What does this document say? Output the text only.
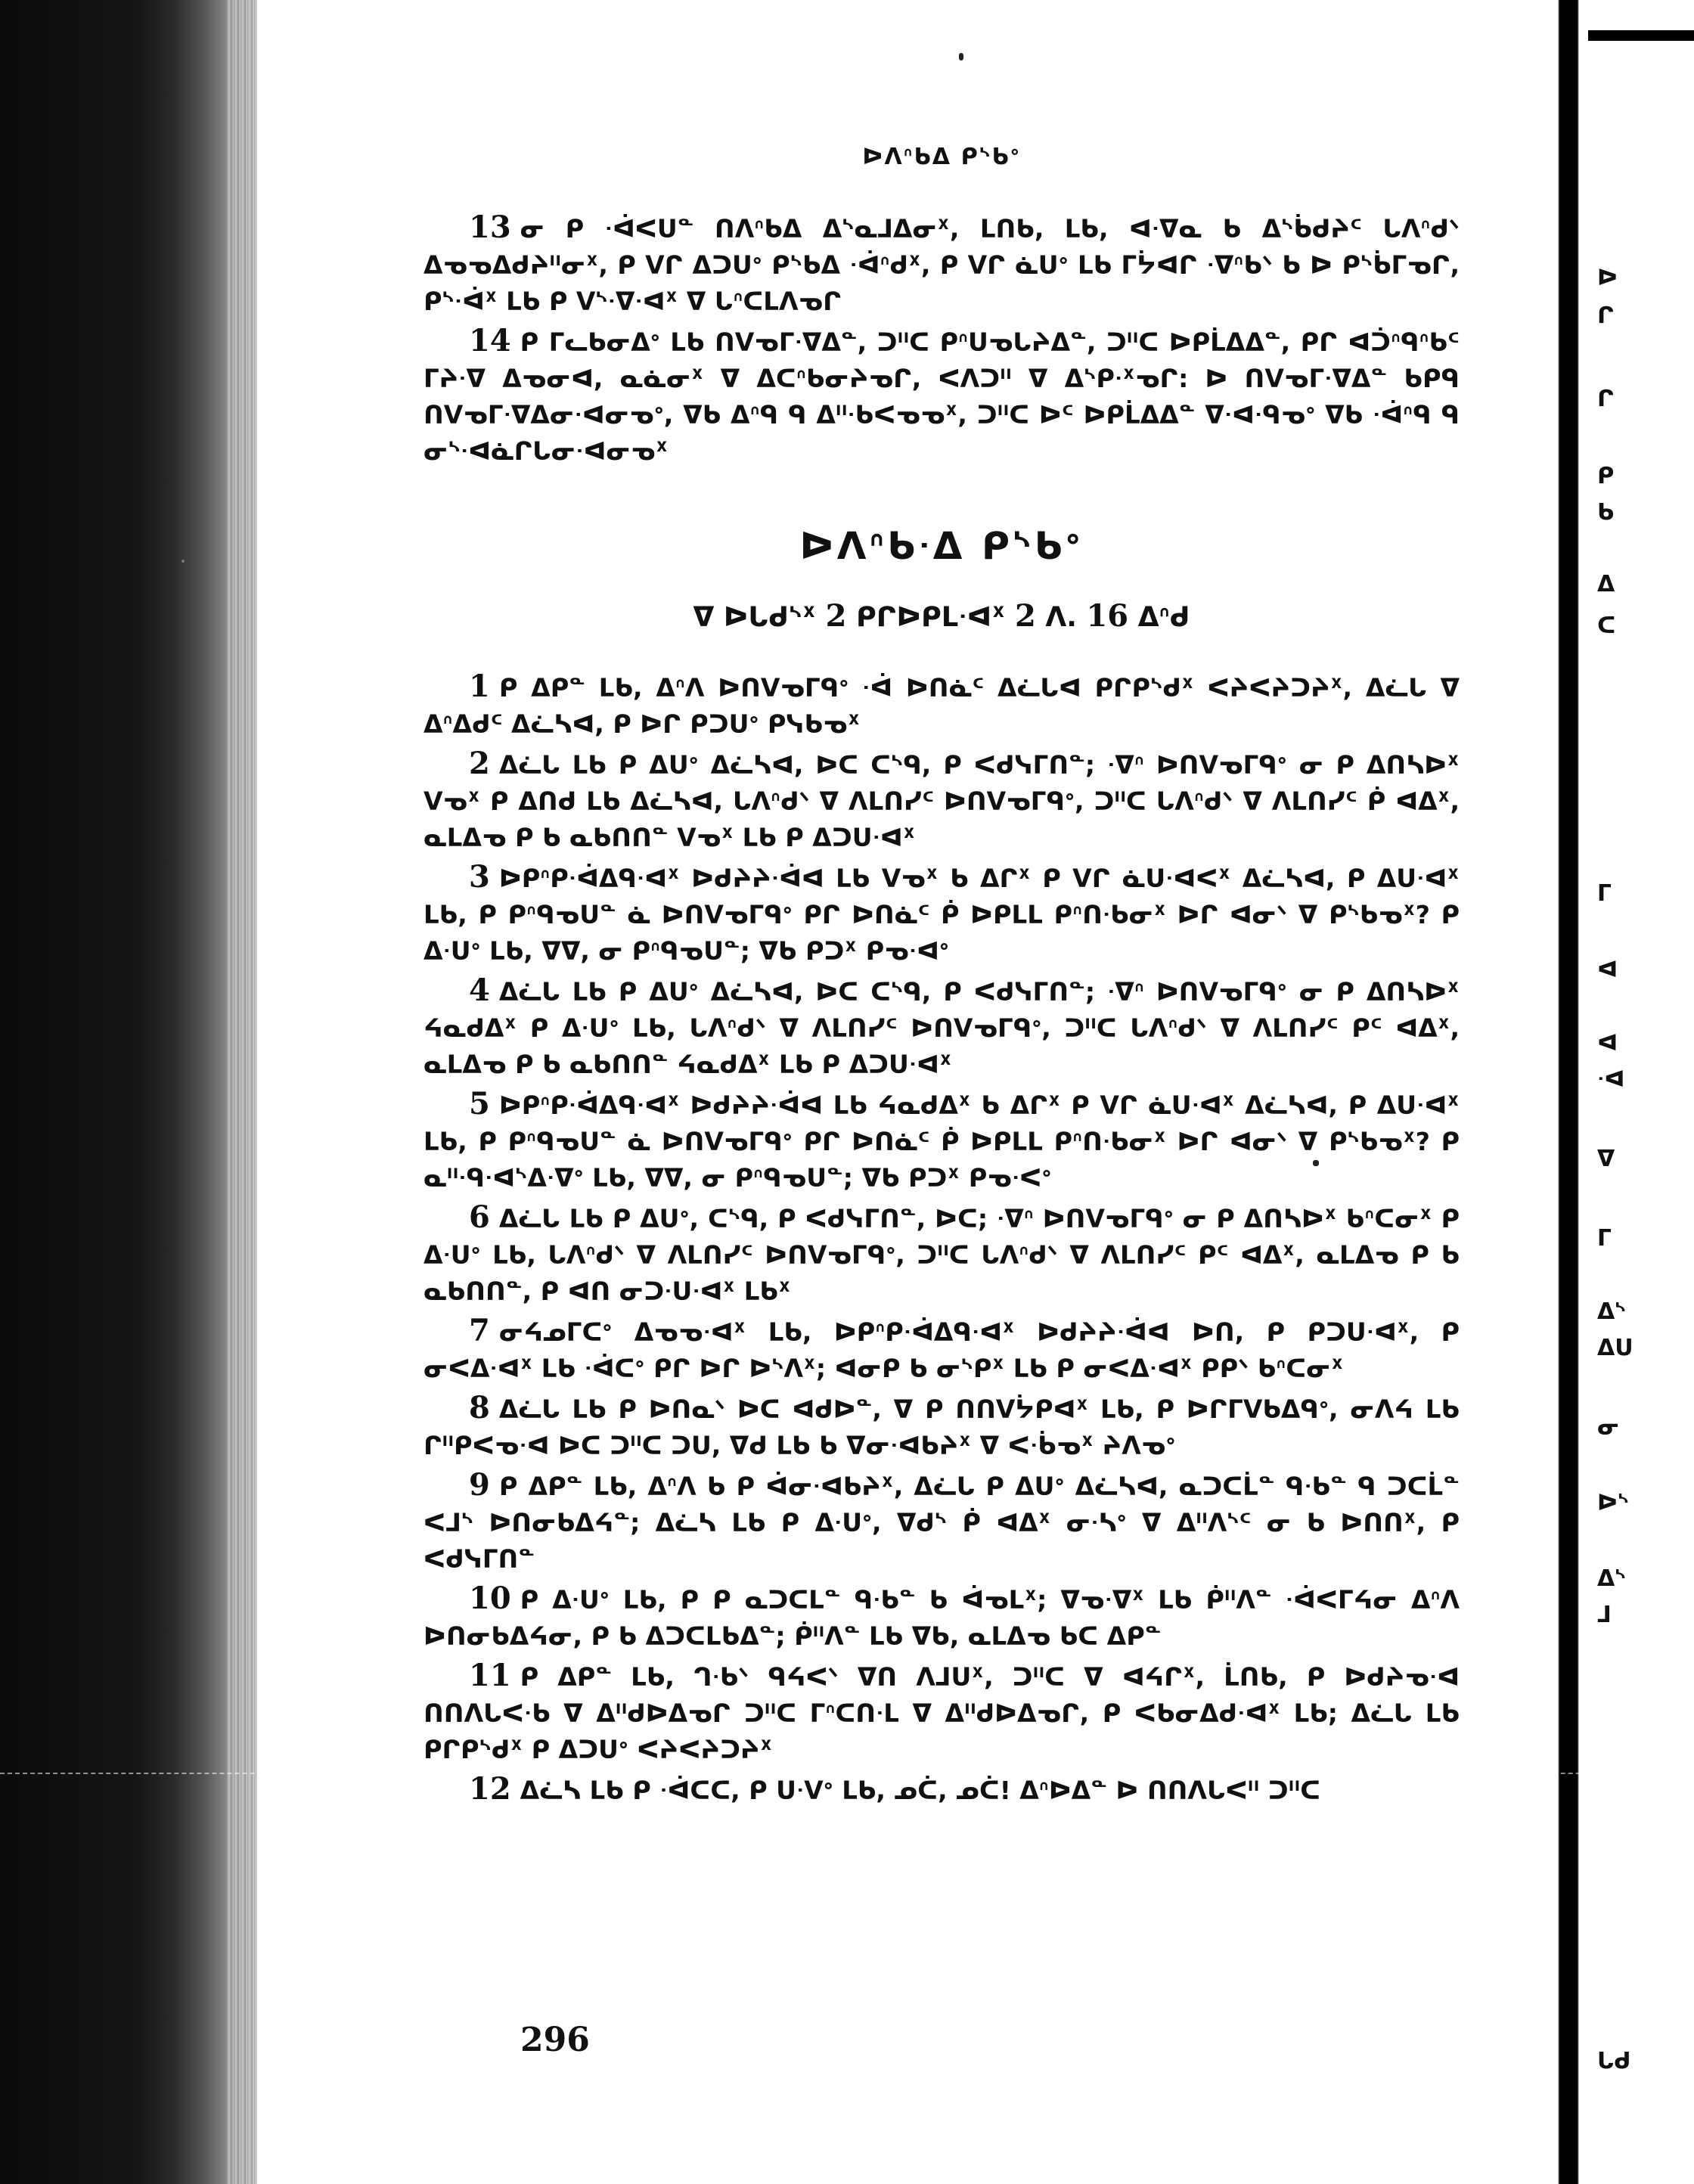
ᐅ
ᒋ
ᒋ
ᑭ
ᑲ
ᐃ
ᑕ
ᒥ
ᐊ
ᐊ
ᐧᐊ
ᐁ
ᒥ
ᐃᔅ
ᐃᑌ
ᓂ
ᐅᔅ
ᐃᔅ
ᒧ
ᒐᑯ
ᐅᐱᐢᑲᐃ ᑭᔅᑲᐤ

13 ᓂ ᑭ ᐧᐋᐸᑌᓐ ᑎᐱᐢᑲᐃ ᐃᔅᓇᒧᐃᓂᕽ, ᒪᑎᑲ, ᒪᑲ, ᐊᐧᐁᓇ ᑲ ᐃᔅᑳᑯᔨᑦ ᒐᐱᐢᑯᐠ ᐃᓀᓀᐃᑯᔨᐦᓂᕽ, ᑭ ᐯᒋ ᐃᑐᑌᐤ ᑭᔅᑲᐃ ᐧᐋᐢᑯᕽ, ᑭ ᐯᒋ ᓈᑌᐤ ᒪᑲ ᒥᔮᐊᒋ ᐧᐁᐢᑲᐠ ᑲ ᐅ ᑭᔅᑳᒥᓀᒋ, ᑭᔅᐧᐋᕽ ᒪᑲ ᑭ ᐯᔅᐧᐁᐧᐊᕽ ᐁ ᒐᐢᑕᒪᐱᓀᒋ

14 ᑭ ᒥᓚᑲᓂᐃᐤ ᒪᑲ ᑎᐯᓀᒥᐧᐁᐃᓐ, ᑐᐦᑕ ᑭᐢᑌᓀᒐᔨᐃᓐ, ᑐᐦᑕ ᐅᑭᒫᐃᐃᓐ, ᑭᒋ ᐊᑑᐢᑫᐢᑲᑦ ᒥᔨᐧᐁ ᐃᓀᓂᐊ, ᓇᓈᓂᕽ ᐁ ᐃᑕᐢᑲᓂᔨᓀᒋ, ᐸᐱᑐᐦ ᐁ ᐃᔅᑭᐧᕽᓀᒋ: ᐅ ᑎᐯᓀᒥᐧᐁᐃᓐ ᑲᑭᑫ ᑎᐯᓀᒥᐧᐁᐃᓂᐧᐊᓂᓀᐤ, ᐁᑲ ᐃᐢᑫ ᑫ ᐃᐦᐧᑲᐸᓀᓀᕽ, ᑐᐦᑕ ᐅᑦ ᐅᑭᒫᐃᐃᓐ ᐁᐧᐊᐧᑫᓀᐤ ᐁᑲ ᐧᐋᐢᑫ ᑫ ᓂᔅᐧᐊᓈᒋᒐᓂᐧᐊᓂᓀᕽ

ᐅᐱᐢᑲᐧᐃ ᑭᔅᑲᐤ
ᐁ ᐅᒐᑯᔅᕽ 2 ᑭᒋᐅᑭᒪᐧᐊᕽ 2 ᐱ. 16 ᐃᐢᑯ

1 ᑭ ᐃᑭᓐ ᒪᑲ, ᐃᐢᐱ ᐅᑎᐯᓀᒥᑫᐤ ᐧᐋ ᐅᑎᓈᑦ ᐃᓛᒐᐊ ᑭᒋᑭᔅᑯᕽ ᐸᔨᐸᔨᑐᔨᕽ, ᐃᓛᒐ ᐁ ᐃᐢᐃᑯᑦ ᐃᓛᓴᐊ, ᑭ ᐅᒋ ᑭᑐᑌᐤ ᑭᓭᑲᓀᕽ

2 ᐃᓛᒐ ᒪᑲ ᑭ ᐃᑌᐤ ᐃᓛᓴᐊ, ᐅᑕ ᑕᔅᑫ, ᑭ ᐸᑯᓭᒥᑎᓐ; ᐧᐁᐢ ᐅᑎᐯᓀᒥᑫᐤ ᓂ ᑭ ᐃᑎᓴᐅᕽ ᐯᓀᕽ ᑭ ᐃᑎᑯ ᒪᑲ ᐃᓛᓴᐊ, ᒐᐱᐢᑯᐠ ᐁ ᐱᒪᑎᓯᑦ ᐅᑎᐯᓀᒥᑫᐤ, ᑐᐦᑕ ᒐᐱᐢᑯᐠ ᐁ ᐱᒪᑎᓯᑦ ᑮ ᐊᐃᕽ, ᓇᒪᐃᓀ ᑭ ᑲ ᓇᑲᑎᑎᓐ ᐯᓀᕽ ᒪᑲ ᑭ ᐃᑐᑌᐧᐊᕽ

3 ᐅᑭᐢᑭᐧᐋᐃᑫᐧᐊᕽ ᐅᑯᔨᔨᐧᐋᐊ ᒪᑲ ᐯᓀᕽ ᑲ ᐃᒋᕽ ᑭ ᐯᒋ ᓈᑌᐧᐊᐸᕽ ᐃᓛᓴᐊ, ᑭ ᐃᑌᐧᐊᕽ ᒪᑲ, ᑭ ᑭᐢᑫᓀᑌᓐ ᓈ ᐅᑎᐯᓀᒥᑫᐤ ᑭᒋ ᐅᑎᓈᑦ ᑮ ᐅᑭᒪᒪ ᑭᐢᑎᐧᑲᓂᕽ ᐅᒋ ᐊᓂᐠ ᐁ ᑭᔅᑲᓀᕽ? ᑭ ᐃᐧᑌᐤ ᒪᑲ, ᐁᐁ, ᓂ ᑭᐢᑫᓀᑌᓐ; ᐁᑲ ᑭᑐᕽ ᑭᓀᐧᐊᐤ

4 ᐃᓛᒐ ᒪᑲ ᑭ ᐃᑌᐤ ᐃᓛᓴᐊ, ᐅᑕ ᑕᔅᑫ, ᑭ ᐸᑯᓭᒥᑎᓐ; ᐧᐁᐢ ᐅᑎᐯᓀᒥᑫᐤ ᓂ ᑭ ᐃᑎᓴᐅᕽ ᔦᓇᑯᐃᕽ ᑭ ᐃᐧᑌᐤ ᒪᑲ, ᒐᐱᐢᑯᐠ ᐁ ᐱᒪᑎᓯᑦ ᐅᑎᐯᓀᒥᑫᐤ, ᑐᐦᑕ ᒐᐱᐢᑯᐠ ᐁ ᐱᒪᑎᓯᑦ ᑭᑦ ᐊᐃᕽ, ᓇᒪᐃᓀ ᑭ ᑲ ᓇᑲᑎᑎᓐ ᔦᓇᑯᐃᕽ ᒪᑲ ᑭ ᐃᑐᑌᐧᐊᕽ

5 ᐅᑭᐢᑭᐧᐋᐃᑫᐧᐊᕽ ᐅᑯᔨᔨᐧᐋᐊ ᒪᑲ ᔦᓇᑯᐃᕽ ᑲ ᐃᒋᕽ ᑭ ᐯᒋ ᓈᑌᐧᐊᕽ ᐃᓛᓴᐊ, ᑭ ᐃᑌᐧᐊᕽ ᒪᑲ, ᑭ ᑭᐢᑫᓀᑌᓐ ᓈ ᐅᑎᐯᓀᒥᑫᐤ ᑭᒋ ᐅᑎᓈᑦ ᑮ ᐅᑭᒪᒪ ᑭᐢᑎᐧᑲᓂᕽ ᐅᒋ ᐊᓂᐠ ᐁ ᑭᔅᑲᓀᕽ? ᑭ ᓇᐦᐧᑫᐧᐊᔅᐃᐧᐁᐤ ᒪᑲ, ᐁᐁ, ᓂ ᑭᐢᑫᓀᑌᓐ; ᐁᑲ ᑭᑐᕽ ᑭᓀᐧᐸᐤ

6 ᐃᓛᒐ ᒪᑲ ᑭ ᐃᑌᐤ, ᑕᔅᑫ, ᑭ ᐸᑯᓭᒥᑎᓐ, ᐅᑕ; ᐧᐁᐢ ᐅᑎᐯᓀᒥᑫᐤ ᓂ ᑭ ᐃᑎᓴᐅᕽ ᑲᐢᑕᓂᕽ ᑭ ᐃᐧᑌᐤ ᒪᑲ, ᒐᐱᐢᑯᐠ ᐁ ᐱᒪᑎᓯᑦ ᐅᑎᐯᓀᒥᑫᐤ, ᑐᐦᑕ ᒐᐱᐢᑯᐠ ᐁ ᐱᒪᑎᓯᑦ ᑭᑦ ᐊᐃᕽ, ᓇᒪᐃᓀ ᑭ ᑲ ᓇᑲᑎᑎᓐ, ᑭ ᐊᑎ ᓂᑐᐧᑌᐧᐊᕽ ᒪᑲᕽ

7 ᓂᔦᓄᒥᑕᐤ ᐃᓀᓀᐧᐊᕽ ᒪᑲ, ᐅᑭᐢᑭᐧᐋᐃᑫᐧᐊᕽ ᐅᑯᔨᔨᐧᐋᐊ ᐅᑎ, ᑭ ᑭᑐᑌᐧᐊᕽ, ᑭ ᓂᐸᐃᐧᐊᕽ ᒪᑲ ᐧᐋᑕᐤ ᑭᒋ ᐅᒋ ᐅᔅᐱᕽ; ᐊᓂᑭ ᑲ ᓂᔅᑭᕽ ᒪᑲ ᑭ ᓂᐸᐃᐧᐊᕽ ᑭᑭᐠ ᑲᐢᑕᓂᕽ

8 ᐃᓛᒐ ᒪᑲ ᑭ ᐅᑎᓇᐠ ᐅᑕ ᐊᑯᐅᓐ, ᐁ ᑭ ᑎᑎᐯᔮᑭᐊᕽ ᒪᑲ, ᑭ ᐅᒋᒥᐯᑲᐃᑫᐤ, ᓂᐱᔦ ᒪᑲ ᒋᐦᑭᐸᓀᐧᐊ ᐅᑕ ᑐᐦᑕ ᑐᑌ, ᐁᑯ ᒪᑲ ᑲ ᐁᓂᐧᐊᑲᔨᕽ ᐁ ᐸᐧᑳᓀᕽ ᔨᐱᓀᐤ

9 ᑭ ᐃᑭᓐ ᒪᑲ, ᐃᐢᐱ ᑲ ᑭ ᐋᓂᐧᐊᑲᔨᕽ, ᐃᓛᒐ ᑭ ᐃᑌᐤ ᐃᓛᓴᐊ, ᓇᑐᑕᒫᓐ ᑫᐧᑲᓐ ᑫ ᑐᑕᒫᓐ ᐸᒧᔅ ᐅᑎᓂᑲᐃᔦᓐ; ᐃᓛᓴ ᒪᑲ ᑭ ᐃᐧᑌᐤ, ᐁᑯᔅ ᑮ ᐊᐃᕽ ᓂᐧᓴᐤ ᐁ ᐃᐦᐱᔅᑦ ᓂ ᑲ ᐅᑎᑎᕽ, ᑭ ᐸᑯᓭᒥᑎᓐ

10 ᑭ ᐃᐧᑌᐤ ᒪᑲ, ᑭ ᑭ ᓇᑐᑕᒪᓐ ᑫᐧᑲᓐ ᑲ ᐋᓀᒪᕽ; ᐁᓀᐧᐁᕽ ᒪᑲ ᑮᐦᐱᓐ ᐧᐋᐸᒥᔦᓂ ᐃᐢᐱ ᐅᑎᓂᑲᐃᔦᓂ, ᑭ ᑲ ᐃᑐᑕᒪᑲᐃᓐ; ᑮᐦᐱᓐ ᒪᑲ ᐁᑲ, ᓇᒪᐃᓀ ᑲᑕ ᐃᑭᓐ

11 ᑭ ᐃᑭᓐ ᒪᑲ, ᒉᐧᑲᐠ ᑫᔦᐸᐠ ᐁᑎ ᐱᒧᑌᕽ, ᑐᐦᑕ ᐁ ᐊᔦᒋᕽ, ᒫᑎᑲ, ᑭ ᐅᑯᔨᓀᐧᐊ ᑎᑎᐱᒐᐸᐧᑲ ᐁ ᐃᐦᑯᐅᐃᓀᒋ ᑐᐦᑕ ᒥᐢᑕᑎᐧᒪ ᐁ ᐃᐦᑯᐅᐃᓀᒋ, ᑭ ᐸᑲᓂᐃᑯᐧᐊᕽ ᒪᑲ; ᐃᓛᒐ ᒪᑲ ᑭᒋᑭᔅᑯᕽ ᑭ ᐃᑐᑌᐤ ᐸᔨᐸᔨᑐᔨᕽ

12 ᐃᓛᓴ ᒪᑲ ᑭ ᐧᐋᑕᑕ, ᑭ ᑌᐧᐯᐤ ᒪᑲ, ᓄᑖ, ᓄᑖ! ᐃᐢᐅᐃᓐ ᐅ ᑎᑎᐱᒐᐸᐦ ᑐᐦᑕ

296
